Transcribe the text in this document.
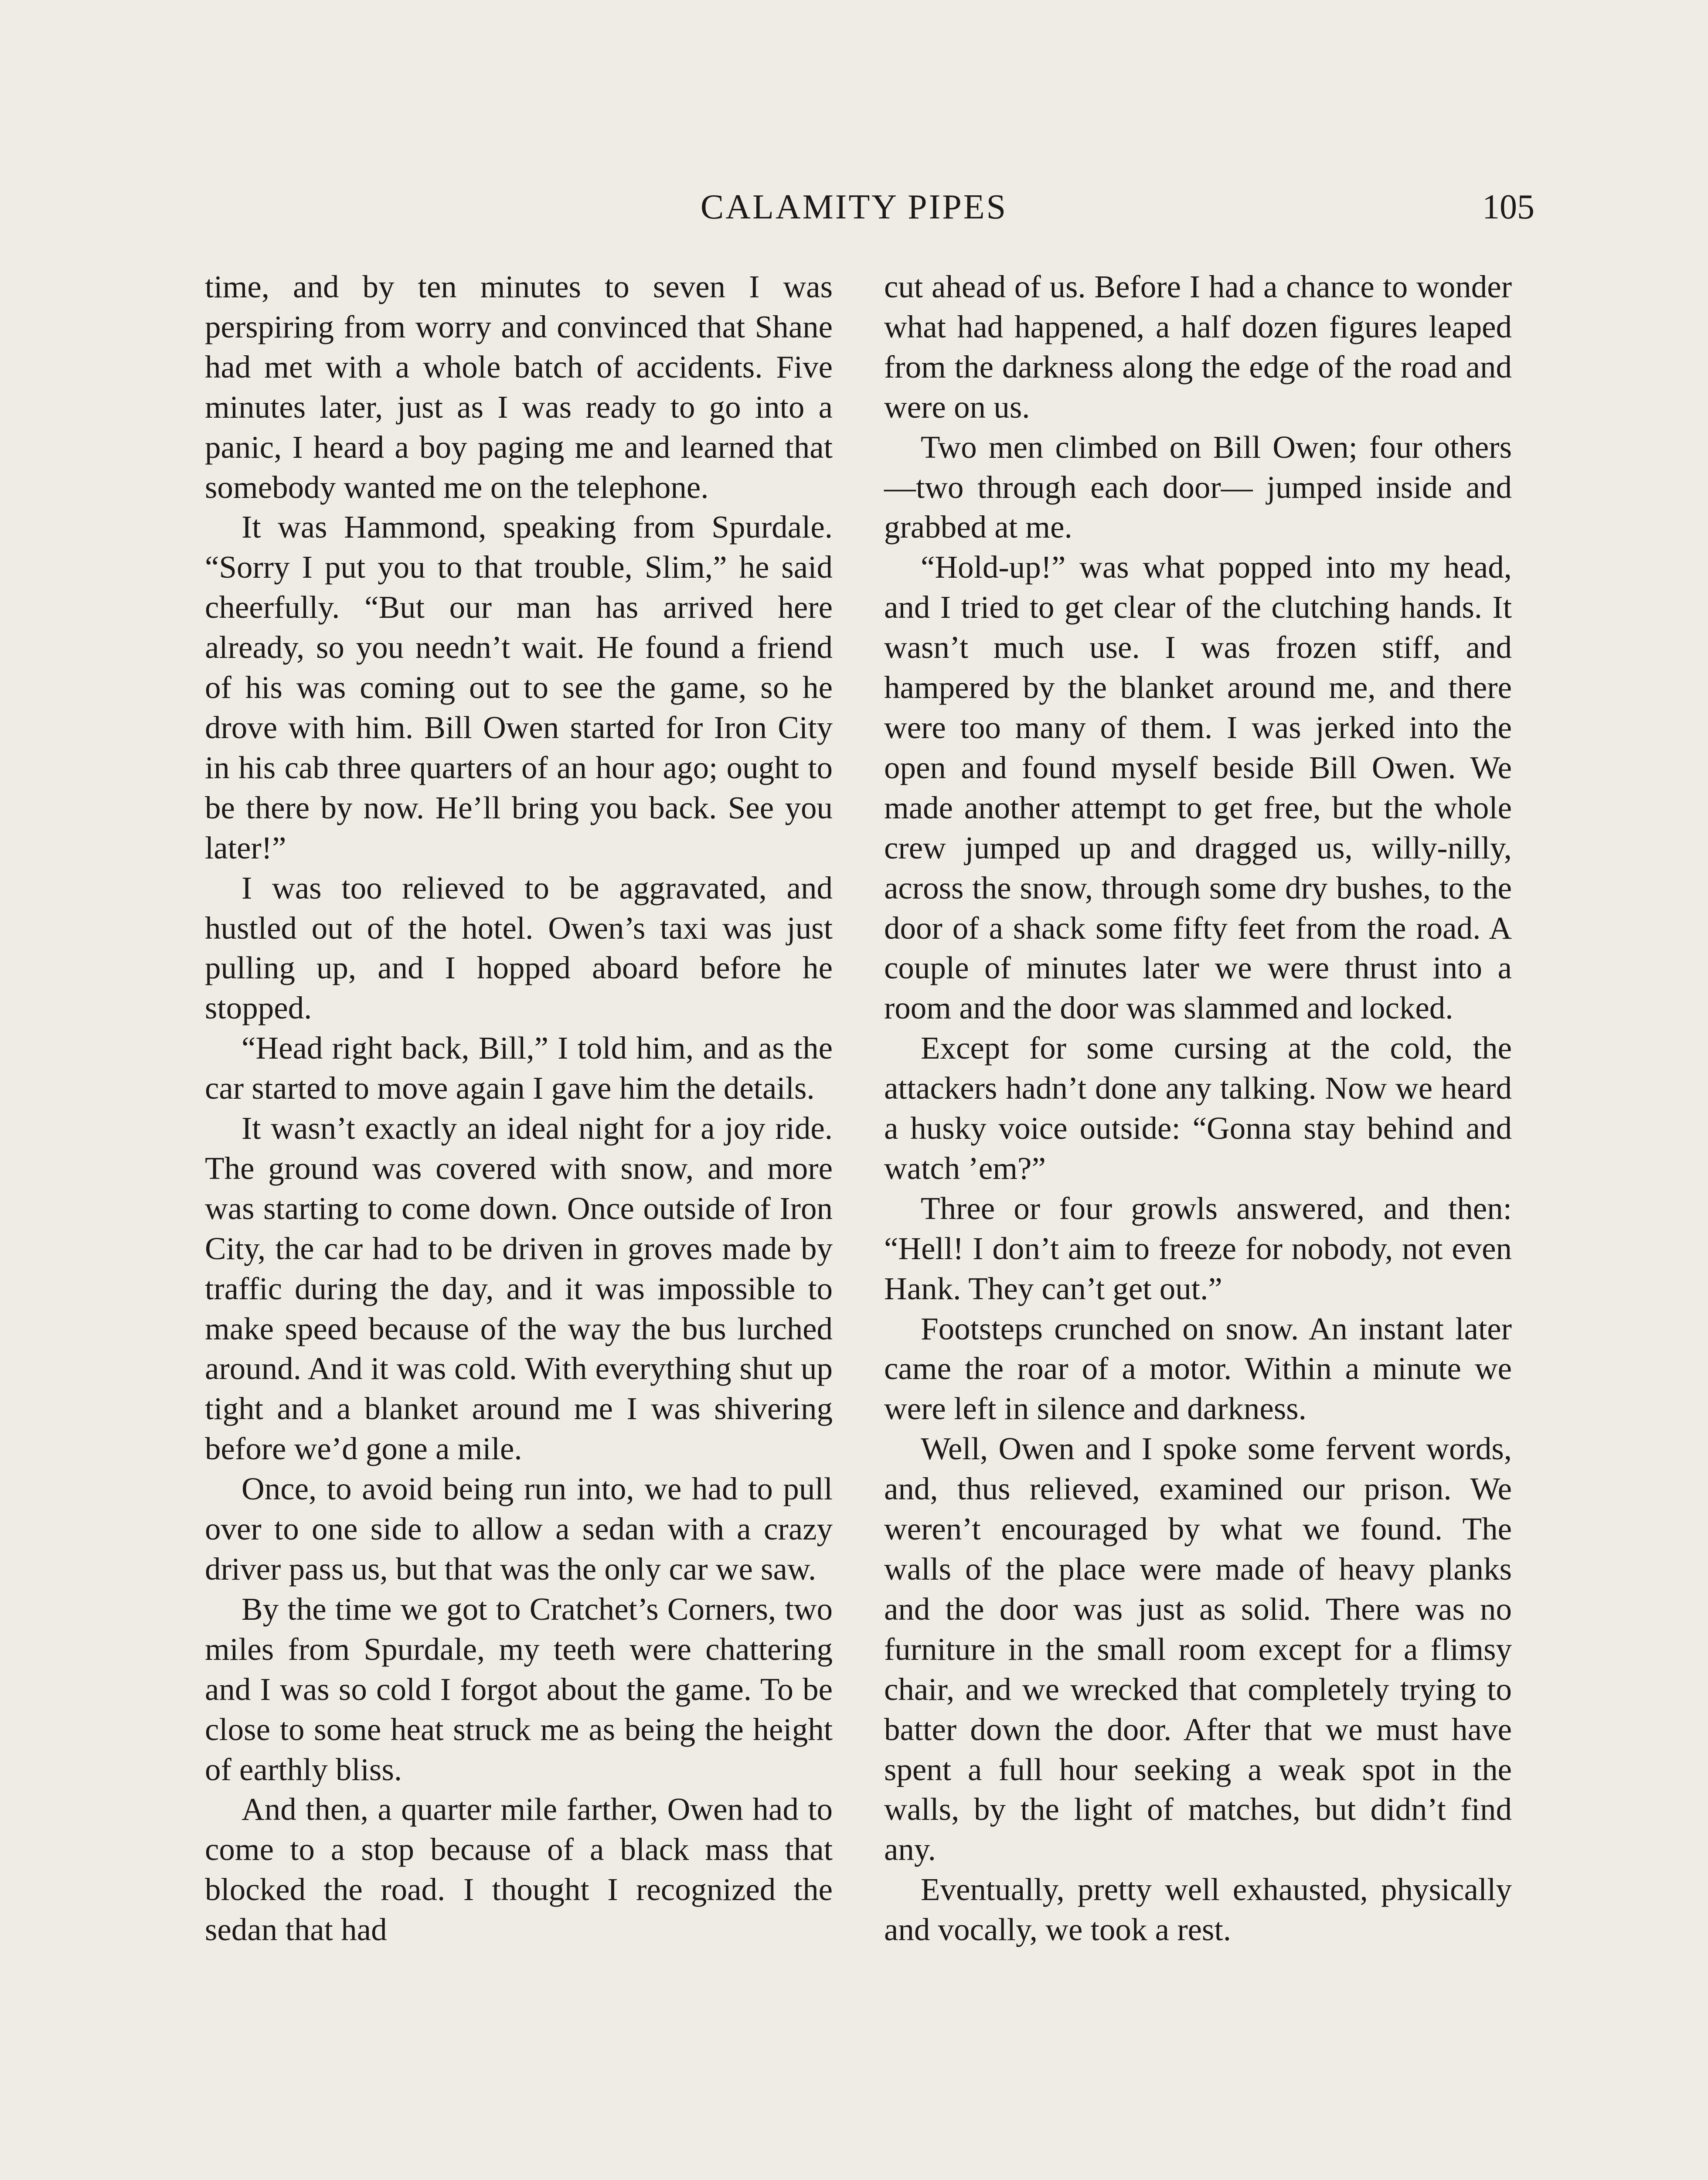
CALAMITY PIPES	105

time, and by ten minutes to seven I was perspiring from worry and convinced that Shane had met with a whole batch of accidents. Five minutes later, just as I was ready to go into a panic, I heard a boy paging me and learned that somebody wanted me on the telephone.

It was Hammond, speaking from Spurdale. “Sorry I put you to that trouble, Slim,” he said cheerfully. “But our man has arrived here already, so you needn’t wait. He found a friend of his was coming out to see the game, so he drove with him. Bill Owen started for Iron City in his cab three quarters of an hour ago; ought to be there by now. He’ll bring you back. See you later!”

I was too relieved to be aggravated, and hustled out of the hotel. Owen’s taxi was just pulling up, and I hopped aboard before he stopped.

“Head right back, Bill,” I told him, and as the car started to move again I gave him the details.

It wasn’t exactly an ideal night for a joy ride. The ground was covered with snow, and more was starting to come down. Once outside of Iron City, the car had to be driven in groves made by traffic during the day, and it was impossible to make speed because of the way the bus lurched around. And it was cold. With everything shut up tight and a blanket around me I was shivering before we’d gone a mile.

Once, to avoid being run into, we had to pull over to one side to allow a sedan with a crazy driver pass us, but that was the only car we saw.

By the time we got to Cratchet’s Corners, two miles from Spurdale, my teeth were chattering and I was so cold I forgot about the game. To be close to some heat struck me as being the height of earthly bliss.

And then, a quarter mile farther, Owen had to come to a stop because of a black mass that blocked the road. I thought I recognized the sedan that had

cut ahead of us. Before I had a chance to wonder what had happened, a half dozen figures leaped from the darkness along the edge of the road and were on us.

Two men climbed on Bill Owen; four others—two through each door— jumped inside and grabbed at me.

“Hold-up!” was what popped into my head, and I tried to get clear of the clutching hands. It wasn’t much use. I was frozen stiff, and hampered by the blanket around me, and there were too many of them. I was jerked into the open and found myself beside Bill Owen. We made another attempt to get free, but the whole crew jumped up and dragged us, willy-nilly, across the snow, through some dry bushes, to the door of a shack some fifty feet from the road. A couple of minutes later we were thrust into a room and the door was slammed and locked.

Except for some cursing at the cold, the attackers hadn’t done any talking. Now we heard a husky voice outside: “Gonna stay behind and watch ’em?”

Three or four growls answered, and then: “Hell! I don’t aim to freeze for nobody, not even Hank. They can’t get out.”

Footsteps crunched on snow. An instant later came the roar of a motor. Within a minute we were left in silence and darkness.

Well, Owen and I spoke some fervent words, and, thus relieved, examined our prison. We weren’t encouraged by what we found. The walls of the place were made of heavy planks and the door was just as solid. There was no furniture in the small room except for a flimsy chair, and we wrecked that completely trying to batter down the door. After that we must have spent a full hour seeking a weak spot in the walls, by the light of matches, but didn’t find any.

Eventually, pretty well exhausted, physically and vocally, we took a rest.
